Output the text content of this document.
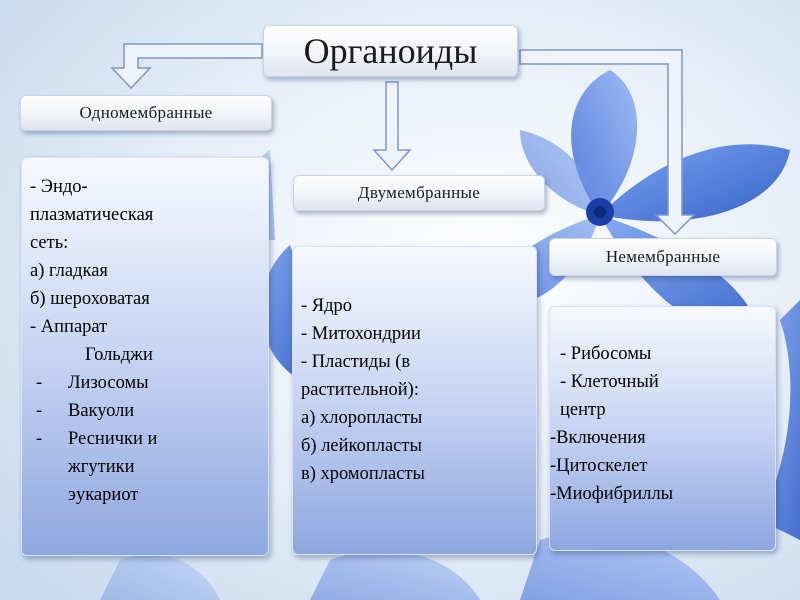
Органоиды
Одномембранные
Двумембранные
Немембранные
- Эндо-
плазматическая
сеть:
а) гладкая
б) шероховатая
- Аппарат
Гольджи
-	Лизосомы
-	Вакуоли
-	Реснички и
жгутики
эукариот
- Ядро
- Митохондрии
- Пластиды (в
растительной):
а) хлоропласты
б) лейкопласты
в) хромопласты
- Рибосомы
- Клеточный
центр
-Включения
-Цитоскелет
-Миофибриллы
